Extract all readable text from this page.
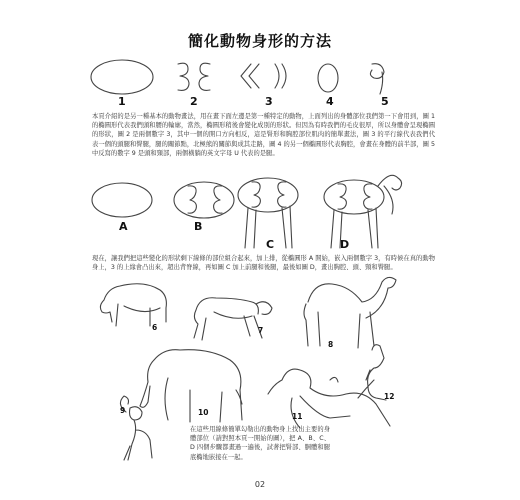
簡化動物身形的方法
1	2	3	4	5
本頁介紹的是另一種基本的動物畫法，用在畫下面左邊是第一種特定的動物，上面列出的身體部位我們第一下會用到，圖 1 的橢圓形代表我們頭和腰的輪廓，當然，橢圓形稍後會變化成別的形狀。但因為有時我們的毛皮很厚，所以身體會呈現橢圓的形狀，圖 2 是兩個數字 3，其中一個的開口方向相反，這是腎形和胸腔部位肌肉的簡單畫法，圖 3 的平行線代表我們代表一個的頭腿和臀腿，腿的關節點，北極熊的關節與成其走路，圖 4 的另一個橢圓形代表胸腔，會畫在身體的前半部，圖 5 中反寫的數字 9 是頭和頸部，兩個橫躺的英文字母 U 代表的是腿。
A	B
C	D
現在，讓我們把這些變化的形狀剩下線條的部位組合起來，加上排，從橢圓形 A 開始，嵌入兩個數字 3，有時候在真的動物身上，3 的上緣會凸出來，超出背脊線，再如圖 C 加上前腿和後腿，最後如圖 D，畫出胸腔、頭、頸和臀腿。
6	7
8
9	10	11
12
在這些用線條簡單勾勒出的動物身上找出主要的身體部位（請對照本頁一開始的圖），把 A、B、C、D 四個步驟都畫過一遍後，試著把腎部、胴體和腿底橢地嵌接在一起。
02
